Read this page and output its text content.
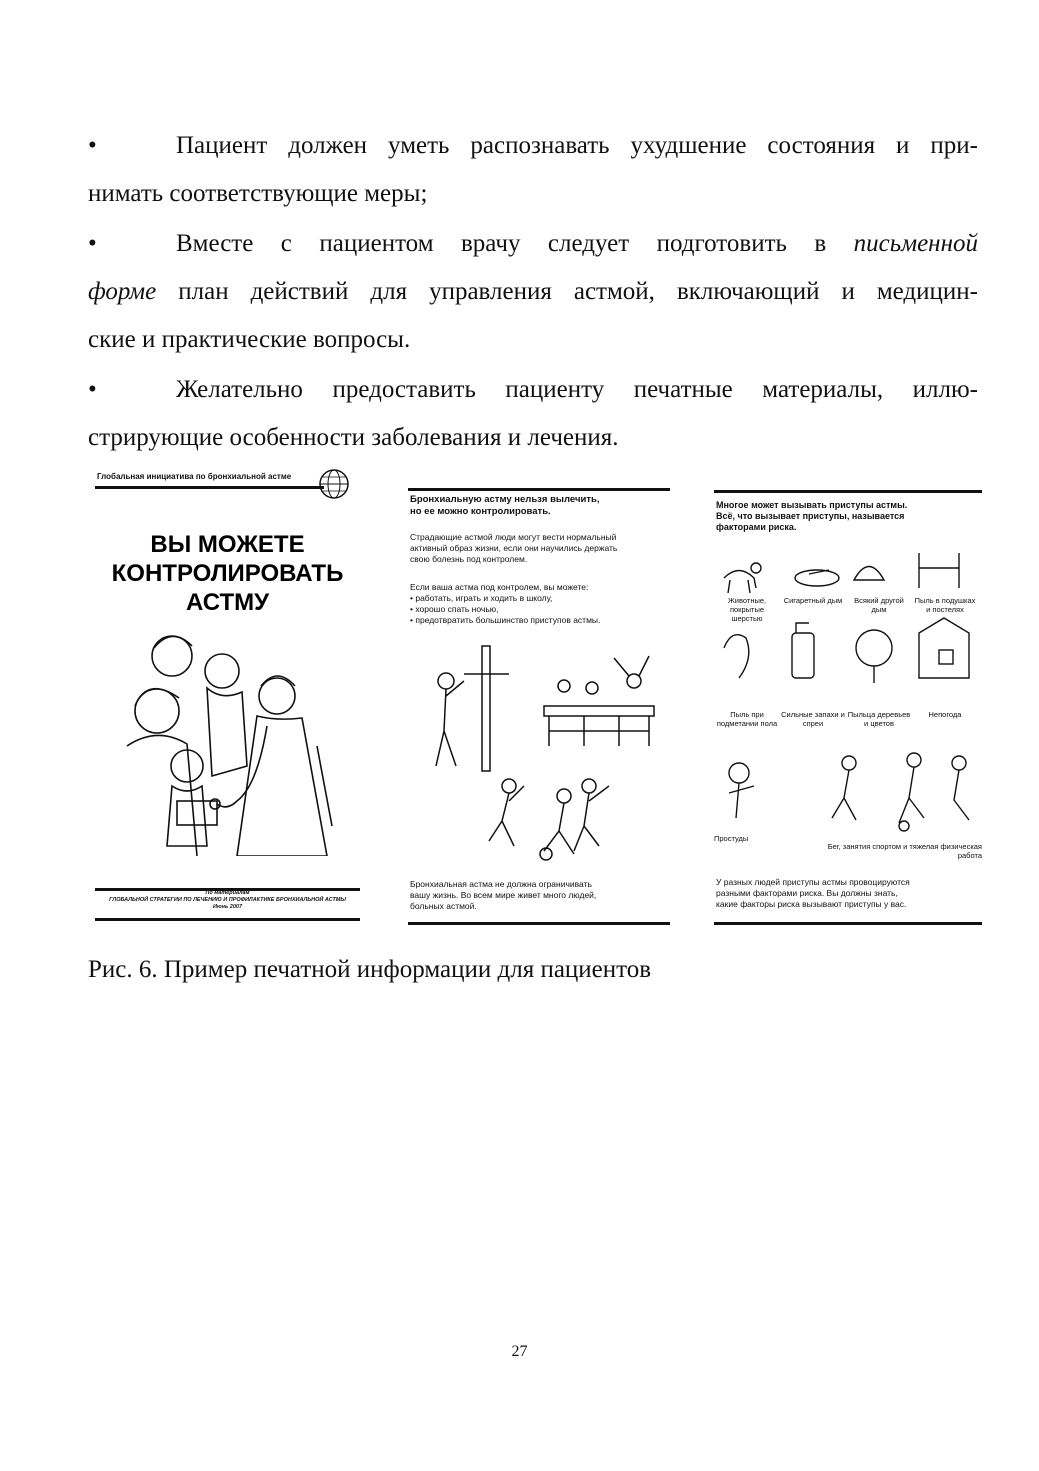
•	Пациент должен уметь распознавать ухудшение состояния и при-
нимать соответствующие меры;
•	Вместе с пациентом врачу следует подготовить в письменной
форме план действий для управления астмой, включающий и медицин-
ские и практические вопросы.
•	Желательно предоставить пациенту печатные материалы, иллю-
стрирующие особенности заболевания и лечения.
Глобальная инициатива по бронхиальной астме
ВЫ МОЖЕТЕ
КОНТРОЛИРОВАТЬ
АСТМУ
По материалам
ГЛОБАЛЬНОЙ СТРАТЕГИИ ПО ЛЕЧЕНИЮ И ПРОФИЛАКТИКЕ БРОНХИАЛЬНОЙ АСТМЫ
Июнь 2007
Бронхиальную астму нельзя вылечить,
но ее можно контролировать.
Страдающие астмой люди могут вести нормальный
активный образ жизни, если они научились держать
свою болезнь под контролем.
Если ваша астма под контролем, вы можете:
• работать, играть и ходить в школу,
• хорошо спать ночью,
• предотвратить большинство приступов астмы.
Бронхиальная астма не должна ограничивать
вашу жизнь. Во всем мире живет много людей,
больных астмой.
Многое может вызывать приступы астмы.
Всё, что вызывает приступы, называется
факторами риска.
Животные, покрытые шерстью
Сигаретный дым	Всякий другой дым
Пыль в подушках и постелях
Пыль при подметании пола
Сильные запахи и спреи
Пыльца деревьев и цветов
Непогода
Простуды
Бег, занятия спортом и тяжелая физическая работа
У разных людей приступы астмы провоцируются
разными факторами риска. Вы должны знать,
какие факторы риска вызывают приступы у вас.
Рис. 6. Пример печатной информации для пациентов
27
